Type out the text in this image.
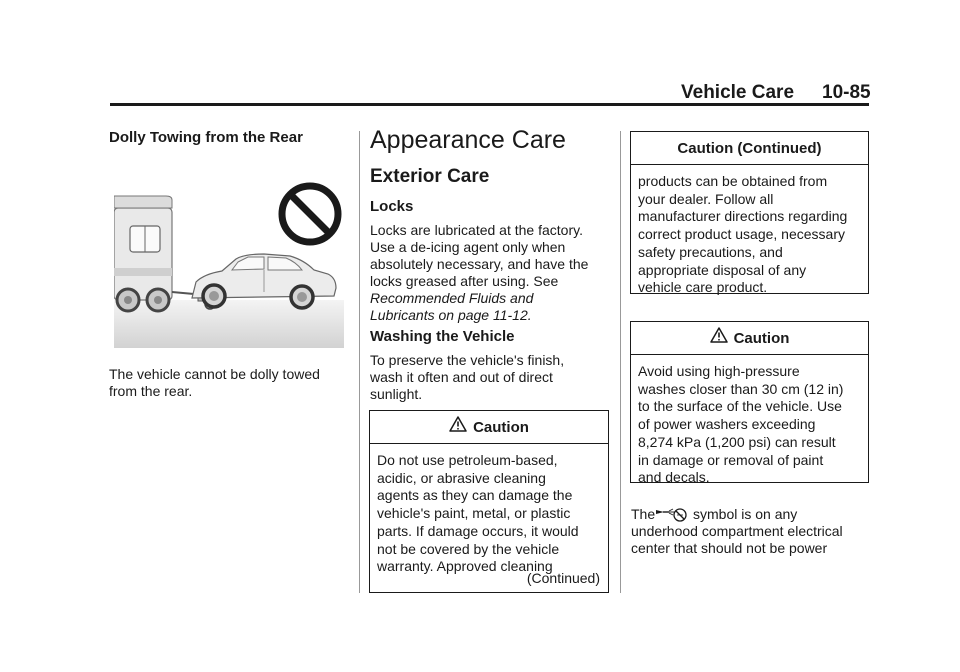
Vehicle Care 10-85
Dolly Towing from the Rear
The vehicle cannot be dolly towed
from the rear.
Appearance Care
Exterior Care
Locks
Locks are lubricated at the factory.
Use a de-icing agent only when
absolutely necessary, and have the
locks greased after using. See
Recommended Fluids and
Lubricants on page 11-12.
Washing the Vehicle
To preserve the vehicle's finish,
wash it often and out of direct
sunlight.
Caution
Do not use petroleum-based,
acidic, or abrasive cleaning
agents as they can damage the
vehicle's paint, metal, or plastic
parts. If damage occurs, it would
not be covered by the vehicle
warranty. Approved cleaning
(Continued)
Caution (Continued)
products can be obtained from
your dealer. Follow all
manufacturer directions regarding
correct product usage, necessary
safety precautions, and
appropriate disposal of any
vehicle care product.
Caution
Avoid using high-pressure
washes closer than 30 cm (12 in)
to the surface of the vehicle. Use
of power washers exceeding
8,274 kPa (1,200 psi) can result
in damage or removal of paint
and decals.
The	symbol is on any
underhood compartment electrical
center that should not be power
